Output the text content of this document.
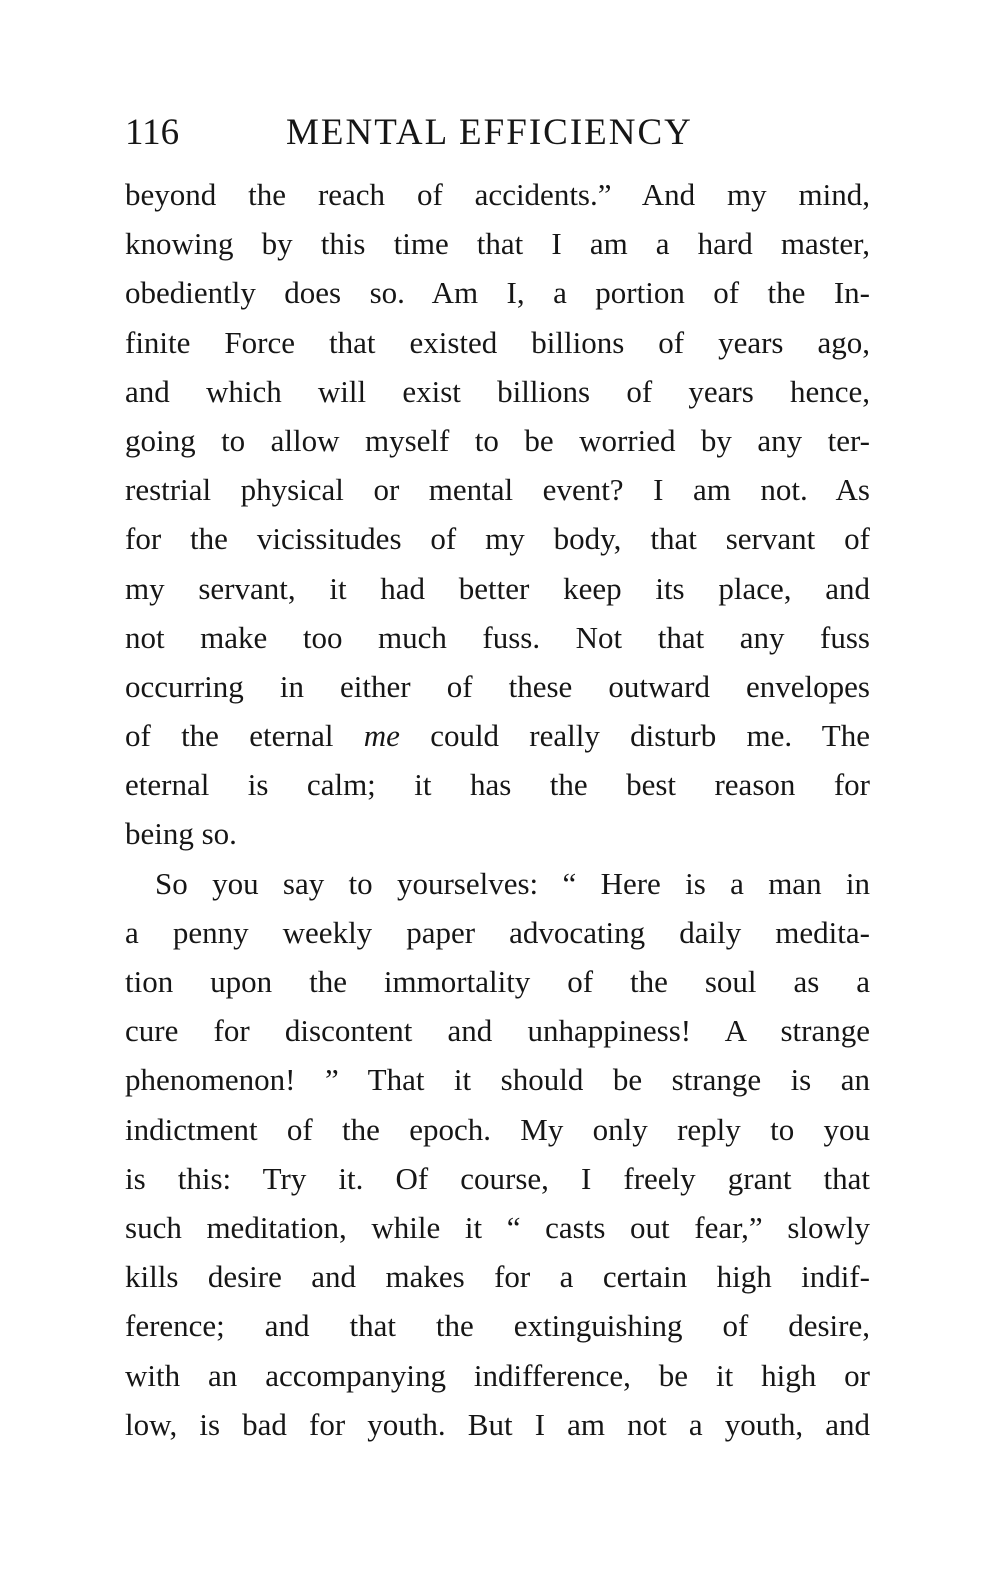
116	MENTAL EFFICIENCY
beyond the reach of accidents.” And my mind,
knowing by this time that I am a hard master,
obediently does so. Am I, a portion of the In-
finite Force that existed billions of years ago,
and which will exist billions of years hence,
going to allow myself to be worried by any ter-
restrial physical or mental event? I am not. As
for the vicissitudes of my body, that servant of
my servant, it had better keep its place, and
not make too much fuss. Not that any fuss
occurring in either of these outward envelopes
of the eternal me could really disturb me. The
eternal is calm; it has the best reason for
being so.
So you say to yourselves: “ Here is a man in
a penny weekly paper advocating daily medita-
tion upon the immortality of the soul as a
cure for discontent and unhappiness! A strange
phenomenon! ” That it should be strange is an
indictment of the epoch. My only reply to you
is this: Try it. Of course, I freely grant that
such meditation, while it “ casts out fear,” slowly
kills desire and makes for a certain high indif-
ference; and that the extinguishing of desire,
with an accompanying indifference, be it high or
low, is bad for youth. But I am not a youth, and
